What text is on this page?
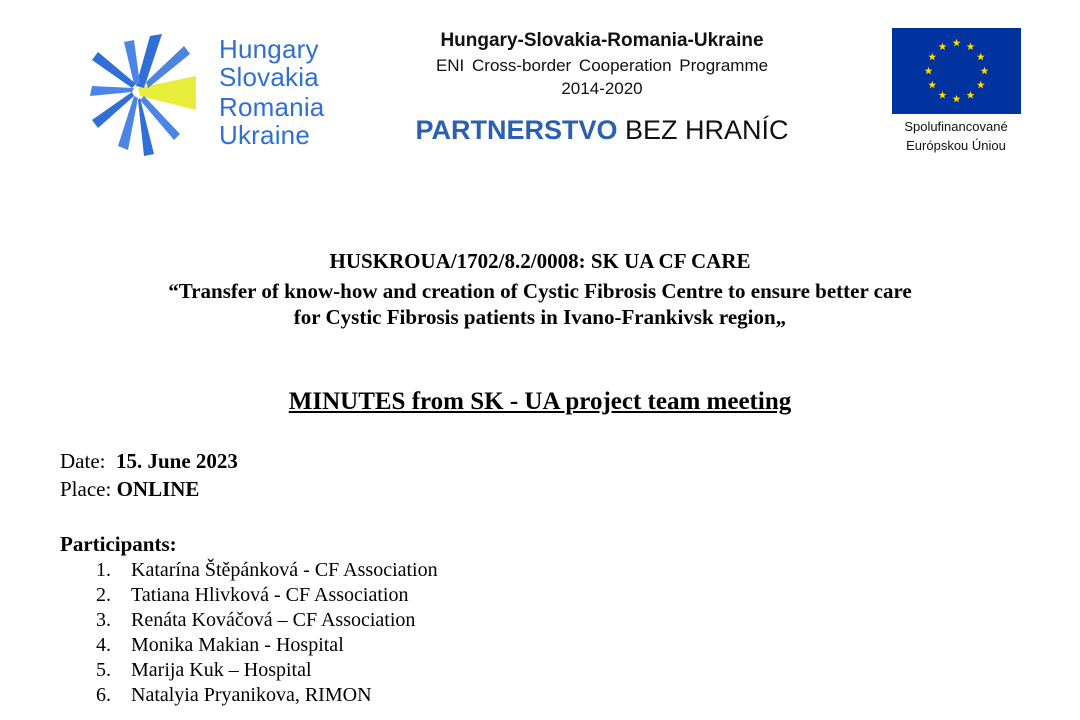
Hungary
Slovakia
Romania
Ukraine
Hungary-Slovakia-Romania-Ukraine
ENI Cross-border Cooperation Programme
2014-2020
PARTNERSTVO BEZ HRANÍC	Spolufinancované
Európskou Úniou
HUSKROUA/1702/8.2/0008: SK UA CF CARE
“Transfer of know-how and creation of Cystic Fibrosis Centre to ensure better care
for Cystic Fibrosis patients in Ivano-Frankivsk region„
MINUTES from SK - UA project team meeting
Date: 15. June 2023
Place: ONLINE
Participants:
1. Katarína Štěpánková - CF Association
2. Tatiana Hlivková - CF Association
3. Renáta Kováčová – CF Association
4. Monika Makian - Hospital
5. Marija Kuk – Hospital
6. Natalyia Pryanikova, RIMON
